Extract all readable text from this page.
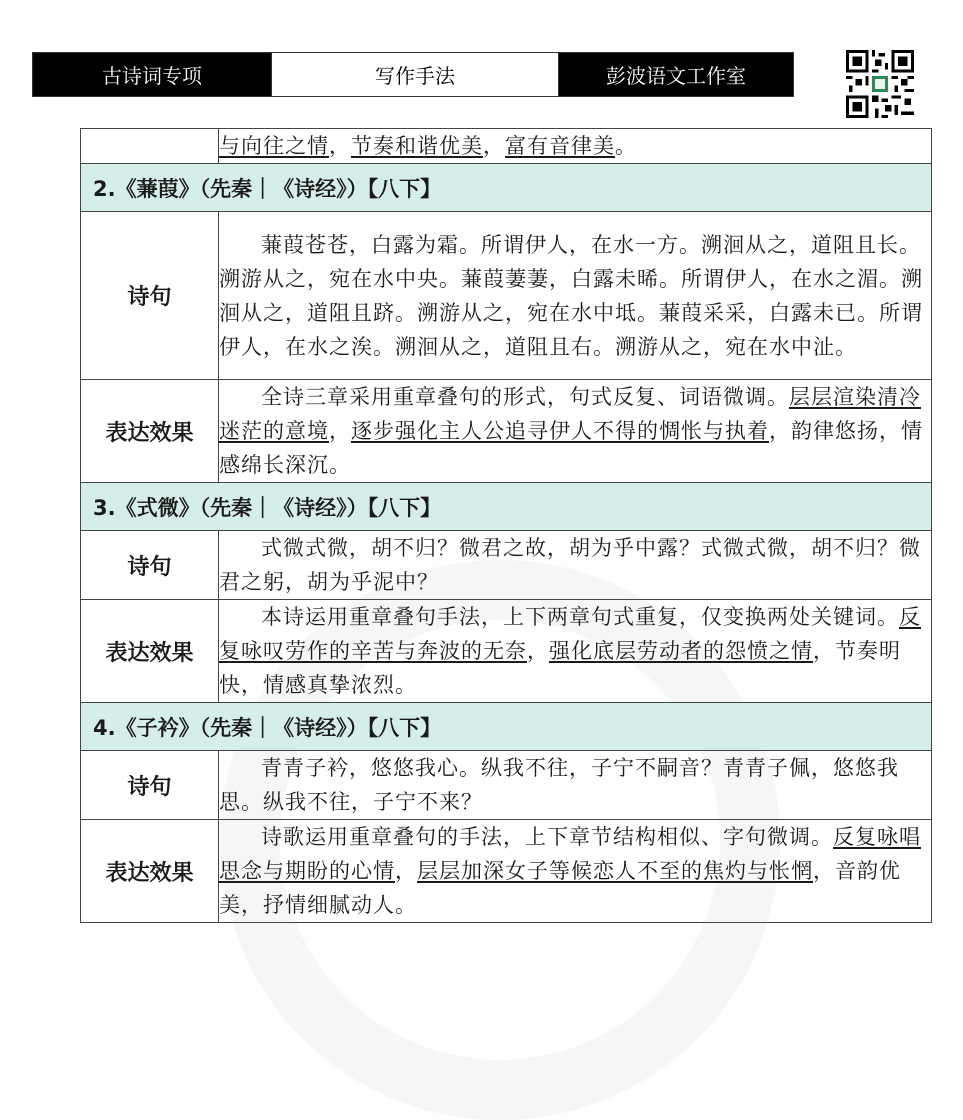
古诗词专项	写作手法	彭波语文工作室
	与向往之情，节奏和谐优美，富有音律美。
2.《蒹葭》（先秦｜《诗经》）【八下】	
诗句	蒹葭苍苍，白露为霜。所谓伊人，在水一方。溯洄从之，道阻且长。溯游从之，宛在水中央。蒹葭萋萋，白露未晞。所谓伊人，在水之湄。溯洄从之，道阻且跻。溯游从之，宛在水中坻。蒹葭采采，白露未已。所谓伊人，在水之涘。溯洄从之，道阻且右。溯游从之，宛在水中沚。
表达效果	全诗三章采用重章叠句的形式，句式反复、词语微调。层层渲染清冷迷茫的意境，逐步强化主人公追寻伊人不得的惆怅与执着，韵律悠扬，情感绵长深沉。
3.《式微》（先秦｜《诗经》）【八下】	
诗句	式微式微，胡不归？微君之故，胡为乎中露？式微式微，胡不归？微君之躬，胡为乎泥中？
表达效果	本诗运用重章叠句手法，上下两章句式重复，仅变换两处关键词。反复咏叹劳作的辛苦与奔波的无奈，强化底层劳动者的怨愤之情，节奏明快，情感真挚浓烈。
4.《子衿》（先秦｜《诗经》）【八下】	
诗句	青青子衿，悠悠我心。纵我不往，子宁不嗣音？青青子佩，悠悠我思。纵我不往，子宁不来？
表达效果	诗歌运用重章叠句的手法，上下章节结构相似、字句微调。反复咏唱思念与期盼的心情，层层加深女子等候恋人不至的焦灼与怅惘，音韵优美，抒情细腻动人。
